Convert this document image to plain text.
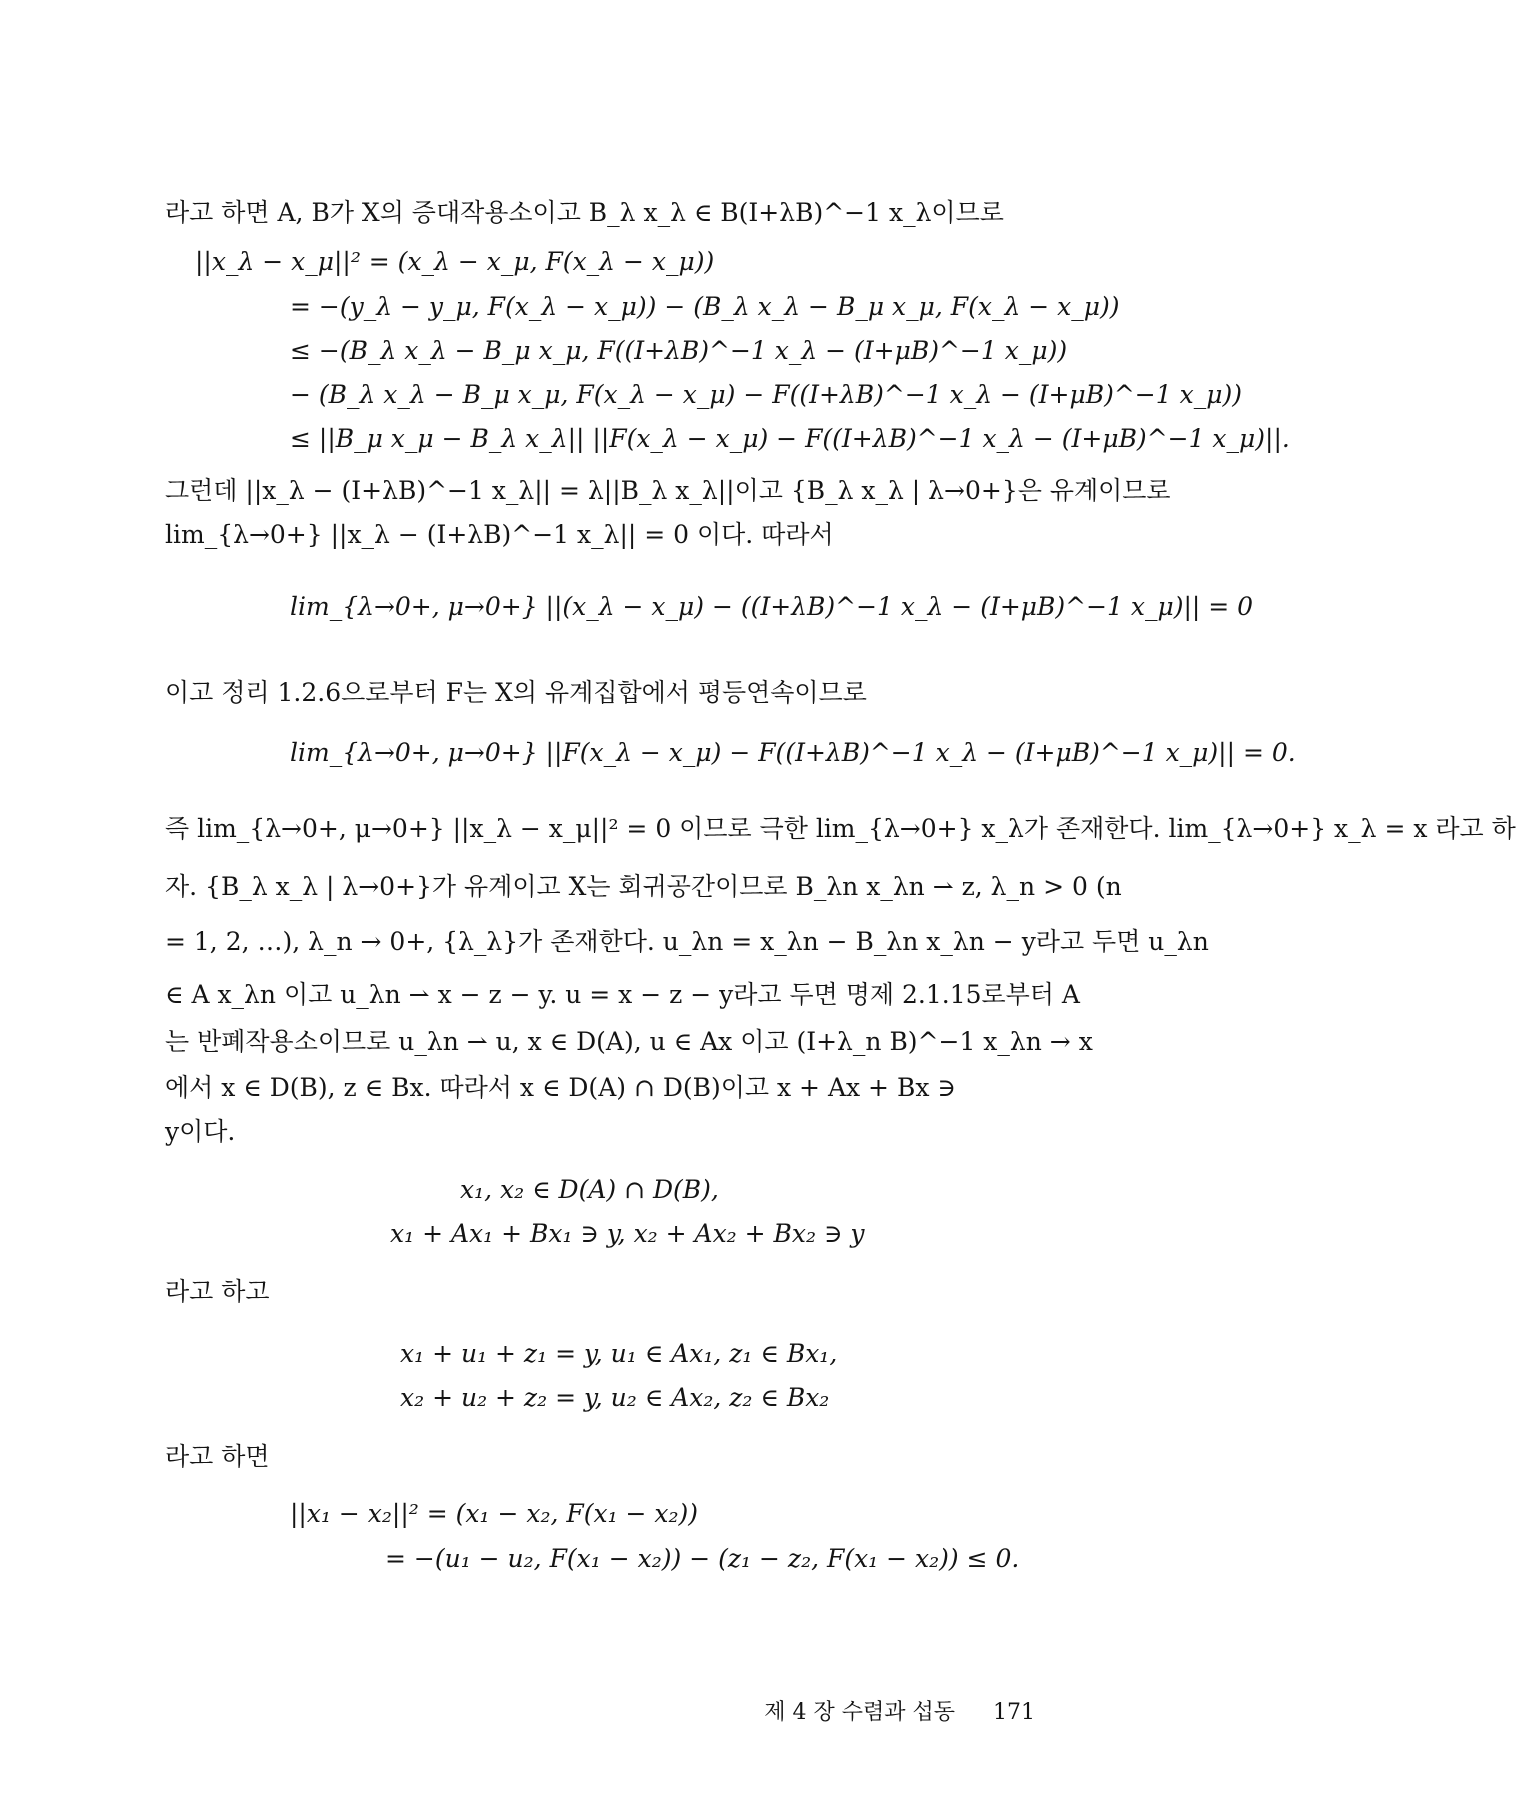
라고 하면 A, B가 X의 증대작용소이고 B_λ x_λ ∈ B(I+λB)^−1 x_λ이므로
||x_λ − x_μ||² = (x_λ − x_μ, F(x_λ − x_μ))
= −(y_λ − y_μ, F(x_λ − x_μ)) − (B_λ x_λ − B_μ x_μ, F(x_λ − x_μ))
≤ −(B_λ x_λ − B_μ x_μ, F((I+λB)^−1 x_λ − (I+μB)^−1 x_μ))
− (B_λ x_λ − B_μ x_μ, F(x_λ − x_μ) − F((I+λB)^−1 x_λ − (I+μB)^−1 x_μ))
≤ ||B_μ x_μ − B_λ x_λ|| ||F(x_λ − x_μ) − F((I+λB)^−1 x_λ − (I+μB)^−1 x_μ)||.
그런데 ||x_λ − (I+λB)^−1 x_λ|| = λ||B_λ x_λ||이고 {B_λ x_λ | λ→0+}은 유계이므로
lim_{λ→0+} ||x_λ − (I+λB)^−1 x_λ|| = 0 이다. 따라서
lim_{λ→0+, μ→0+} ||(x_λ − x_μ) − ((I+λB)^−1 x_λ − (I+μB)^−1 x_μ)|| = 0
이고 정리 1.2.6으로부터 F는 X의 유계집합에서 평등연속이므로
lim_{λ→0+, μ→0+} ||F(x_λ − x_μ) − F((I+λB)^−1 x_λ − (I+μB)^−1 x_μ)|| = 0.
즉 lim_{λ→0+, μ→0+} ||x_λ − x_μ||² = 0 이므로 극한 lim_{λ→0+} x_λ가 존재한다. lim_{λ→0+} x_λ = x 라고 하
자. {B_λ x_λ | λ→0+}가 유계이고 X는 회귀공간이므로 B_λn x_λn ⇀ z, λ_n > 0 (n
= 1, 2, …), λ_n → 0+, {λ_λ}가 존재한다. u_λn = x_λn − B_λn x_λn − y라고 두면 u_λn
∈ A x_λn 이고 u_λn ⇀ x − z − y. u = x − z − y라고 두면 명제 2.1.15로부터 A
는 반폐작용소이므로 u_λn ⇀ u, x ∈ D(A), u ∈ Ax 이고 (I+λ_n B)^−1 x_λn → x
에서 x ∈ D(B), z ∈ Bx. 따라서 x ∈ D(A) ∩ D(B)이고 x + Ax + Bx ∋
y이다.
x₁, x₂ ∈ D(A) ∩ D(B),
x₁ + Ax₁ + Bx₁ ∋ y, x₂ + Ax₂ + Bx₂ ∋ y
라고 하고
x₁ + u₁ + z₁ = y, u₁ ∈ Ax₁, z₁ ∈ Bx₁,
x₂ + u₂ + z₂ = y, u₂ ∈ Ax₂, z₂ ∈ Bx₂
라고 하면
||x₁ − x₂||² = (x₁ − x₂, F(x₁ − x₂))
= −(u₁ − u₂, F(x₁ − x₂)) − (z₁ − z₂, F(x₁ − x₂)) ≤ 0.
제 4 장 수렴과 섭동 171
